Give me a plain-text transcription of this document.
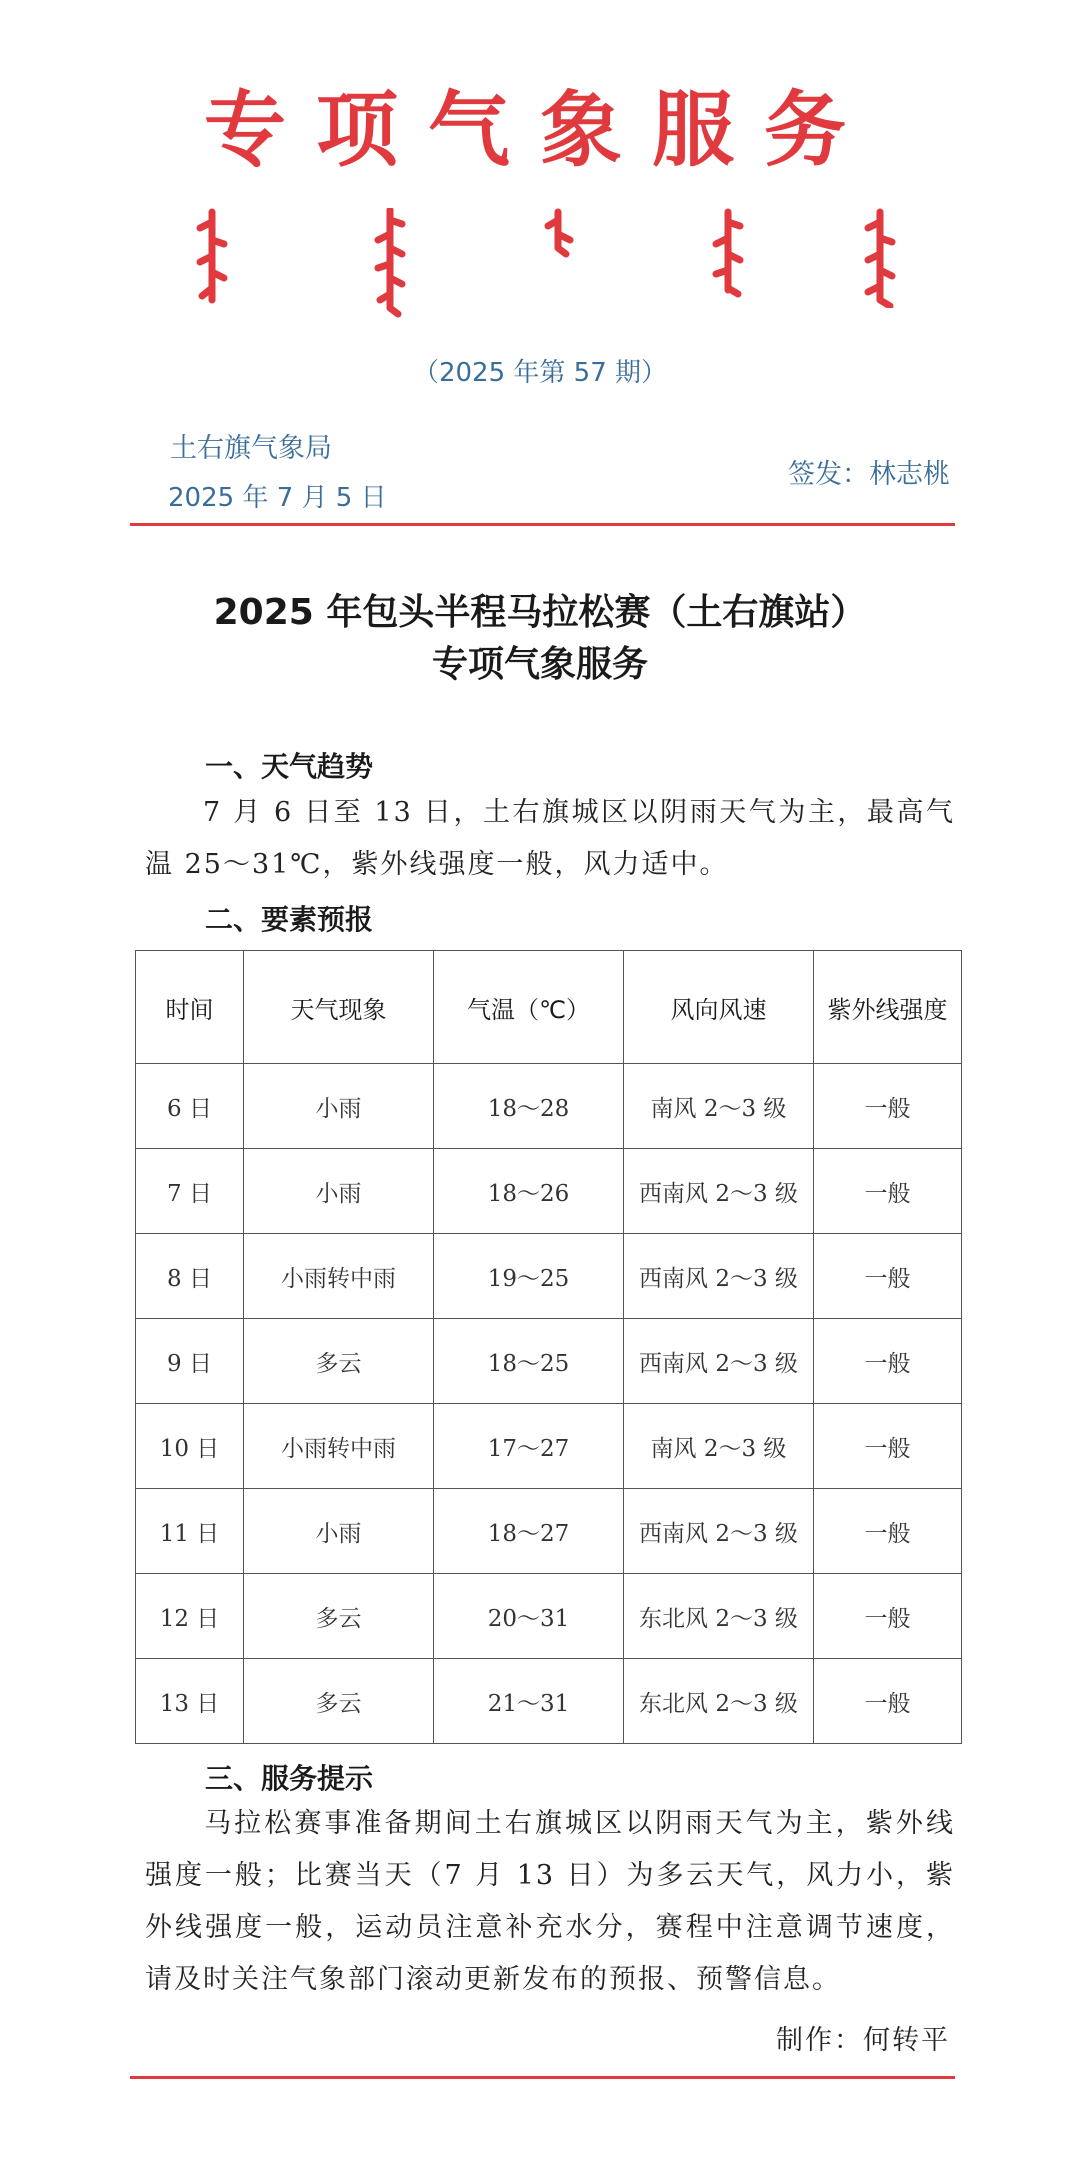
专项气象服务
（2025 年第 57 期）
土右旗气象局
2025 年 7 月 5 日
签发：林志桃
2025 年包头半程马拉松赛（土右旗站）
专项气象服务
一、天气趋势

7 月 6 日至 13 日，土右旗城区以阴雨天气为主，最高气温 25～31℃，紫外线强度一般，风力适中。

二、要素预报
时间	天气现象	气温（℃）	风向风速	紫外线强度
6 日	小雨	18～28	南风 2～3 级	一般
7 日	小雨	18～26	西南风 2～3 级	一般
8 日	小雨转中雨	19～25	西南风 2～3 级	一般
9 日	多云	18～25	西南风 2～3 级	一般
10 日	小雨转中雨	17～27	南风 2～3 级	一般
11 日	小雨	18～27	西南风 2～3 级	一般
12 日	多云	20～31	东北风 2～3 级	一般
13 日	多云	21～31	东北风 2～3 级	一般
三、服务提示

马拉松赛事准备期间土右旗城区以阴雨天气为主，紫外线强度一般；比赛当天（7 月 13 日）为多云天气，风力小，紫外线强度一般，运动员注意补充水分，赛程中注意调节速度，请及时关注气象部门滚动更新发布的预报、预警信息。

制作：何转平
